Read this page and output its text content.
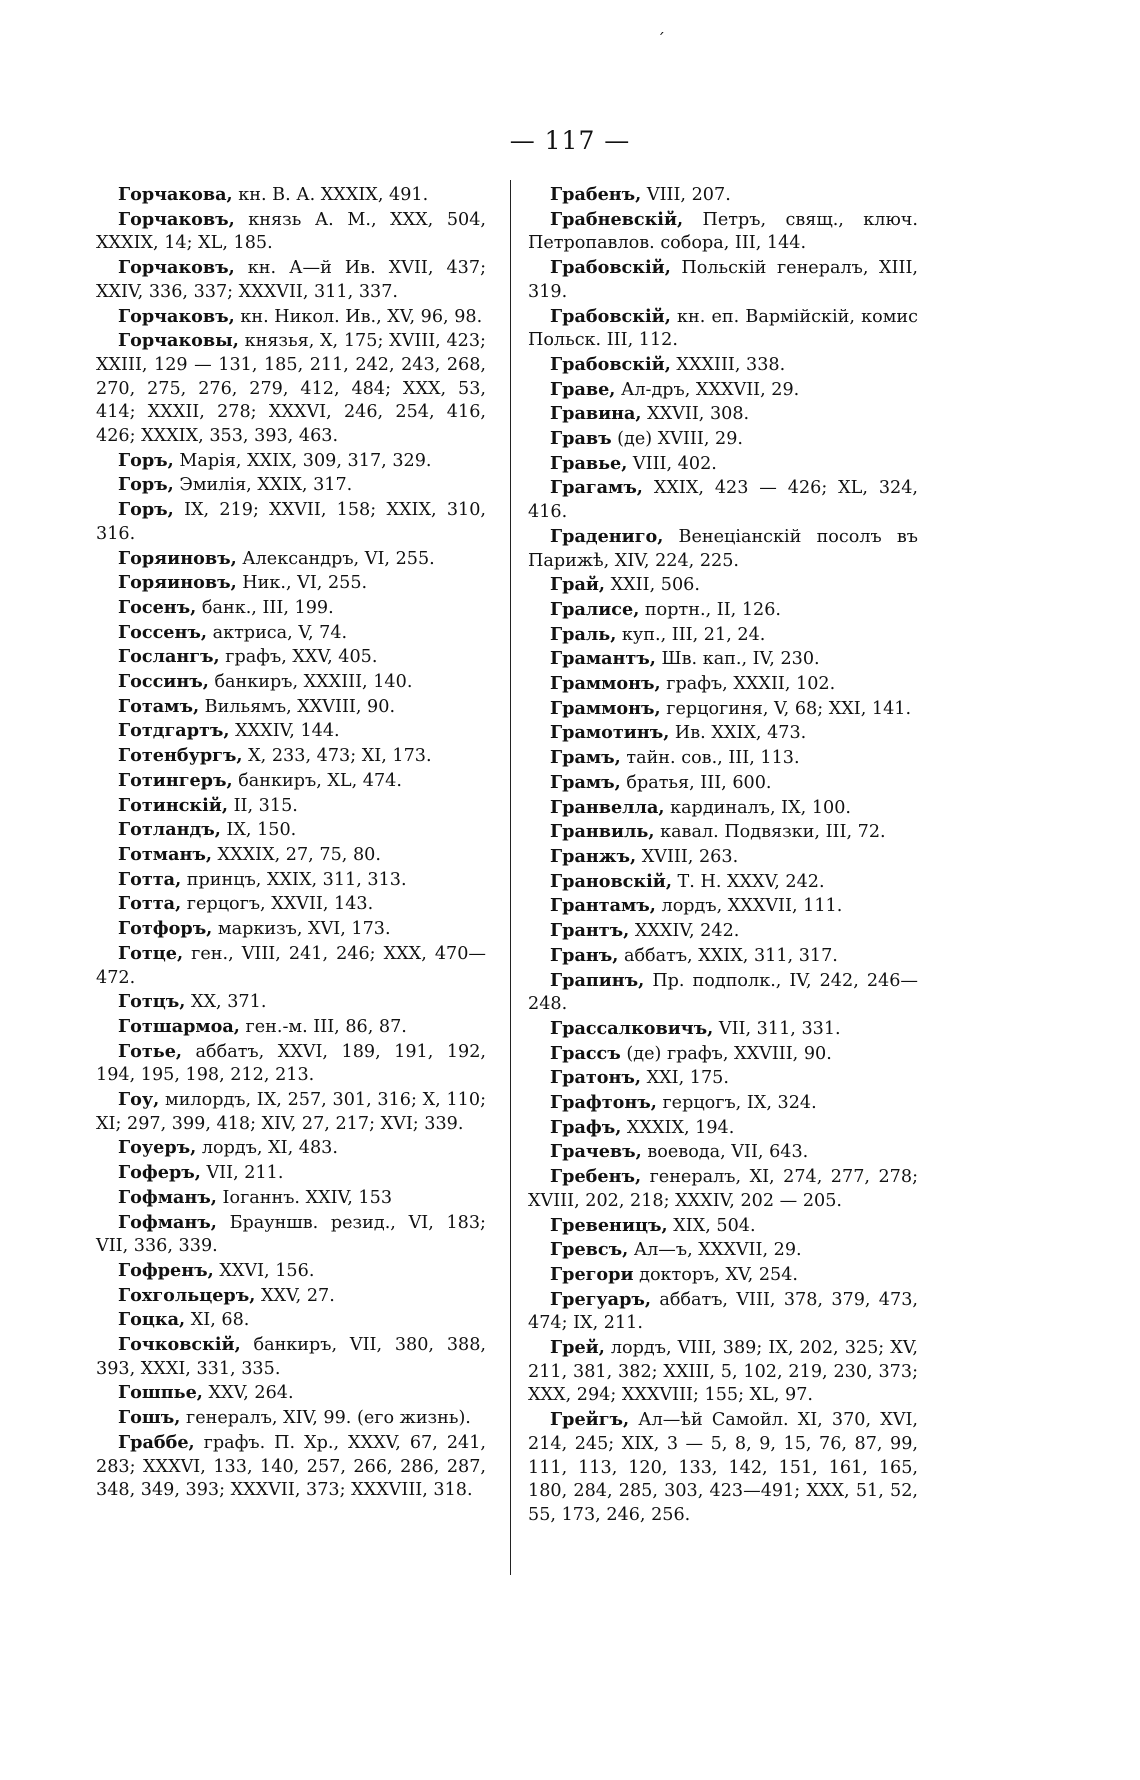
ˊ
— 117 —
Горчакова, кн. В. А. XXXIX, 491.
Горчаковъ, князь А. М., XXX, 504, XXXIX, 14; XL, 185.
Горчаковъ, кн. А—й Ив. XVII, 437; XXIV, 336, 337; XXXVII, 311, 337.
Горчаковъ, кн. Никол. Ив., XV, 96, 98.
Горчаковы, князья, X, 175; XVIII, 423; XXIII, 129 — 131, 185, 211, 242, 243, 268, 270, 275, 276, 279, 412, 484; XXX, 53, 414; XXXII, 278; XXXVI, 246, 254, 416, 426; XXXIX, 353, 393, 463.
Горъ, Марія, XXIX, 309, 317, 329.
Горъ, Эмилія, XXIX, 317.
Горъ, IX, 219; XXVII, 158; XXIX, 310, 316.
Горяиновъ, Александръ, VI, 255.
Горяиновъ, Ник., VI, 255.
Госенъ, банк., III, 199.
Госсенъ, актриса, V, 74.
Гослангъ, графъ, XXV, 405.
Госсинъ, банкиръ, XXXIII, 140.
Готамъ, Вильямъ, XXVIII, 90.
Готдгартъ, XXXIV, 144.
Готенбургъ, X, 233, 473; XI, 173.
Готингеръ, банкиръ, XL, 474.
Готинскій, II, 315.
Готландъ, IX, 150.
Готманъ, XXXIX, 27, 75, 80.
Готта, принцъ, XXIX, 311, 313.
Готта, герцогъ, XXVII, 143.
Готфоръ, маркизъ, XVI, 173.
Готце, ген., VIII, 241, 246; XXX, 470—472.
Готцъ, XX, 371.
Готшармоа, ген.-м. III, 86, 87.
Готье, аббатъ, XXVI, 189, 191, 192, 194, 195, 198, 212, 213.
Гоу, милордъ, IX, 257, 301, 316; X, 110; XI; 297, 399, 418; XIV, 27, 217; XVI; 339.
Гоуеръ, лордъ, XI, 483.
Гоферъ, VII, 211.
Гофманъ, Іоганнъ. XXIV, 153
Гофманъ, Брауншв. резид., VI, 183; VII, 336, 339.
Гофренъ, XXVI, 156.
Гохгольцеръ, XXV, 27.
Гоцка, XI, 68.
Гочковскій, банкиръ, VII, 380, 388, 393, XXXI, 331, 335.
Гошпье, XXV, 264.
Гошъ, генералъ, XIV, 99. (его жизнь).
Граббе, графъ. П. Хр., XXXV, 67, 241, 283; XXXVI, 133, 140, 257, 266, 286, 287, 348, 349, 393; XXXVII, 373; XXXVIII, 318.
Грабенъ, VIII, 207.
Грабневскій, Петръ, свящ., ключ. Петропавлов. собора, III, 144.
Грабовскій, Польскій генералъ, XIII, 319.
Грабовскій, кн. еп. Вармійскій, комис Польск. III, 112.
Грабовскій, XXXIII, 338.
Граве, Ал-дръ, XXXVII, 29.
Гравина, XXVII, 308.
Гравъ (де) XVIII, 29.
Гравье, VIII, 402.
Грагамъ, XXIX, 423 — 426; XL, 324, 416.
Градениго, Венеціанскій посолъ въ Парижѣ, XIV, 224, 225.
Грай, XXII, 506.
Гралисе, портн., II, 126.
Граль, куп., III, 21, 24.
Грамантъ, Шв. кап., IV, 230.
Граммонъ, графъ, XXXII, 102.
Граммонъ, герцогиня, V, 68; XXI, 141.
Грамотинъ, Ив. XXIX, 473.
Грамъ, тайн. сов., III, 113.
Грамъ, братья, III, 600.
Гранвелла, кардиналъ, IX, 100.
Гранвиль, кавал. Подвязки, III, 72.
Гранжъ, XVIII, 263.
Грановскій, Т. Н. XXXV, 242.
Грантамъ, лордъ, XXXVII, 111.
Грантъ, XXXIV, 242.
Гранъ, аббатъ, XXIX, 311, 317.
Грапинъ, Пр. подполк., IV, 242, 246—248.
Грассалковичъ, VII, 311, 331.
Грассъ (де) графъ, XXVIII, 90.
Гратонъ, XXI, 175.
Графтонъ, герцогъ, IX, 324.
Графъ, XXXIX, 194.
Грачевъ, воевода, VII, 643.
Гребенъ, генералъ, XI, 274, 277, 278; XVIII, 202, 218; XXXIV, 202 — 205.
Гревеницъ, XIX, 504.
Гревсъ, Ал—ъ, XXXVII, 29.
Грегори докторъ, XV, 254.
Грегуаръ, аббатъ, VIII, 378, 379, 473, 474; IX, 211.
Грей, лордъ, VIII, 389; IX, 202, 325; XV, 211, 381, 382; XXIII, 5, 102, 219, 230, 373; XXX, 294; XXXVIII; 155; XL, 97.
Грейгъ, Ал—ѣй Самойл. XI, 370, XVI, 214, 245; XIX, 3 — 5, 8, 9, 15, 76, 87, 99, 111, 113, 120, 133, 142, 151, 161, 165, 180, 284, 285, 303, 423—491; XXX, 51, 52, 55, 173, 246, 256.
